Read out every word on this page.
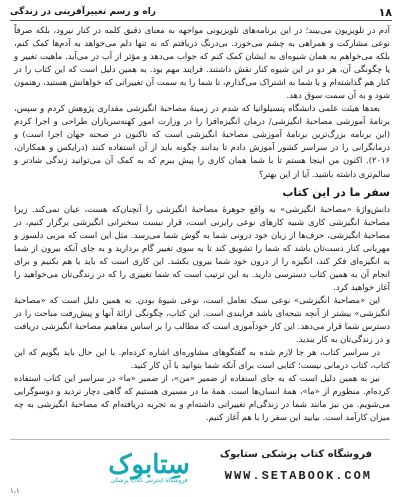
۱۸
راه و رسم تغییرآفرینی در زندگی

آدم در تلویزیون می‌بیند؛ در این برنامه‌های تلویزیونی مواجهه به معنای دقیق کلمه در کنار نیرود، بلکه صرفاً نوعی مشارکت و همراهی به چشم می‌خورد. بی‌درنگ دریافتم که نه تنها دلم می‌خواهد به آدم‌ها کمک کنم، بلکه می‌خواهم به همان شیوه‌ای به ایشان کمک کنم که جواب می‌دهد و مؤثر از آب در می‌آید. ماهیت تغییر و یا چگونگی آن، هر دو در این شیوه کنار نقش داشتند. فرایند مهم بود. به همین دلیل است که این کتاب را در کنار هم گذاشته‌ام و با شما به اشتراک می‌گذارم، تا شما را به سمت آن تغییراتی که خواهانش هستید، رهنمون شود و به آن سمت سوق دهد.

بعدها هیئت علمی دانشگاه پنسیلوانیا که شدم در زمینهٔ مصاحبهٔ انگیزشی مقداری پژوهش کردم و سپس، برنامهٔ آموزشی مصاحبهٔ انگیزشی/ درمان انگیزه‌افزا را در وزارت امور کهنه‌سربازان طراحی و اجرا کردم (این برنامه بزرگ‌ترین برنامهٔ آموزشی مصاحبهٔ انگیزشی است که تاکنون در صحنه جهان اجرا است) و درمانگرانی را در سراسر کشور آموزش دادم تا بدانند چگونه باید از آن استفاده کنند (درایکس و همکاران، ۲۰۱۶). اکنون من اینجا هستم تا با شما همان کاری را پیش ببرم که به کمک آن می‌توانید زندگی شادتر و سالم‌تری داشته باشید. آیا از این بهتر؟

سفر ما در این کتاب

دانش‌واژهٔ «مصاحبهٔ انگیزشی» به واقع جوهرهٔ مصاحبهٔ انگیزشی را آنچنان‌که هست، عیان نمی‌کند. زیرا مصاحبهٔ انگیزشی کاری شبیه کارهای نوعی رایزنی است، قرار نیست سخنرانی انگیزشی برگزار کنیم، در مصاحبهٔ انگیزشی، حرف‌ها از زبان خود درونی شما به گوش شما می‌رسد. مثل این است که مربی دلسوز و مهربانی کنار دست‌تان باشد که شما را تشویق کند تا به سوی تغییر گام بردارید و به جای آنکه بیرون از شما به انگیزه‌ای فکر کند، انگیزه را از درون خود شما بیرون بکشد. این کاری است که باید با هم بکنیم و برای انجام آن به همین کتاب دسترسی دارید. به این ترتیب است که شما تغییری را که در زندگی‌تان می‌خواهید را آغاز خواهید کرد.

این «مصاحبهٔ انگیزشی» نوعی سبک تعامل است، نوعی شیوهٔ بودن. به همین دلیل است که «مصاحبهٔ انگیزشی» بیشتر از آنچه نتیجه‌ای باشد فرایندی است. این کتاب، چگونگی ارائهٔ آنها و پیش‌رفت مباحث را در دسترس شما قرار می‌دهد. این کار خودآموزی است که مطالب را بر اساس مفاهیم مصاحبهٔ انگیزشی دریافت و در زندگی‌تان به کار بندید.

در سراسر کتاب، هر جا لازم شده به گفتگوهای مشاوره‌ای اشاره کرده‌ام. با این حال باید بگویم که این کتاب، کتاب درمانی نیست؛ کتابی است برای آنکه شما بتوانید با آن کار کنید.

نیز به همین دلیل است که به جای استفاده از ضمیر «من»، از ضمیر «ما» در سراسر این کتاب استفاده کرده‌ام. منظورم از «ما»، همهٔ انسان‌ها است. همهٔ ما در مسیری هستیم که گاهی دچار تردید و دوسوگرایی می‌شویم. من نیز مانند شما در زندگی‌ام تغییراتی داشته‌ام و به تجربه دریافته‌ام که مصاحبهٔ انگیزشی به چه میزان کارآمد است. بیایید این سفر را با هم آغاز کنیم.

سِتابوک
فروشگاه اینترنتی کتاب پزشکی
فروشگاه کتاب پزشکی ستابوک
WWW.SETABOOK.COM
۱،۱
